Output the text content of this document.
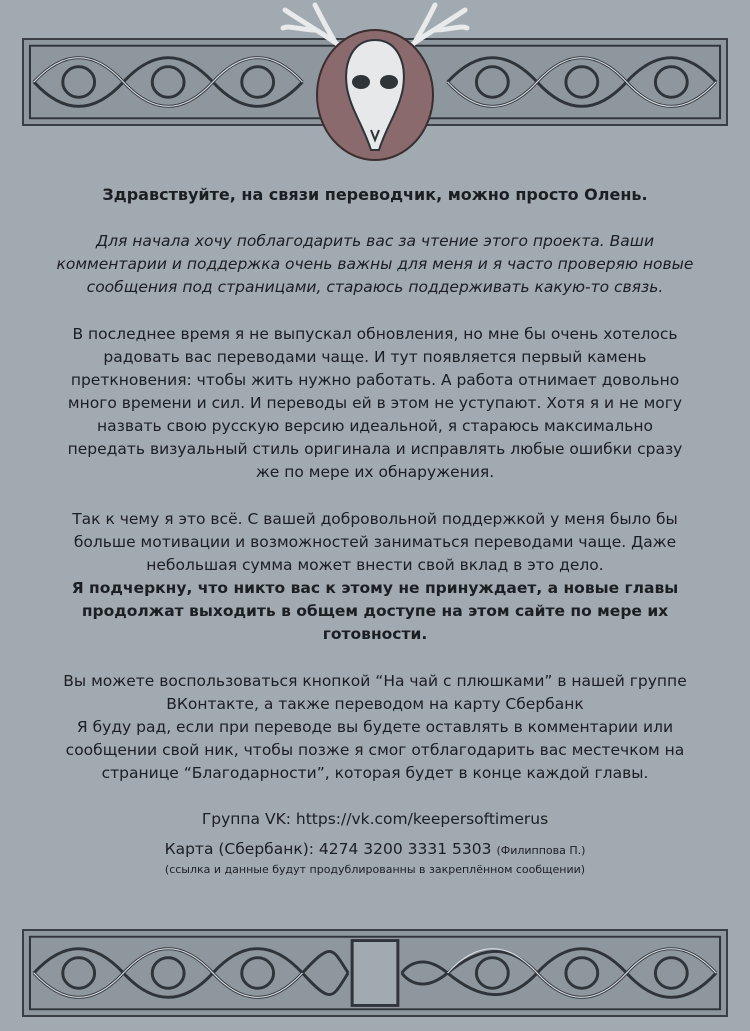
Здравствуйте, на связи переводчик, можно просто Олень.

Для начала хочу поблагодарить вас за чтение этого проекта. Ваши
комментарии и поддержка очень важны для меня и я часто проверяю новые
сообщения под страницами, стараюсь поддерживать какую-то связь.

В последнее время я не выпускал обновления, но мне бы очень хотелось
радовать вас переводами чаще. И тут появляется первый камень
преткновения: чтобы жить нужно работать. А работа отнимает довольно
много времени и сил. И переводы ей в этом не уступают. Хотя я и не могу
назвать свою русскую версию идеальной, я стараюсь максимально
передать визуальный стиль оригинала и исправлять любые ошибки сразу
же по мере их обнаружения.

Так к чему я это всё. С вашей добровольной поддержкой у меня было бы
больше мотивации и возможностей заниматься переводами чаще. Даже
небольшая сумма может внести свой вклад в это дело.

Я подчеркну, что никто вас к этому не принуждает, а новые главы
продолжат выходить в общем доступе на этом сайте по мере их
готовности.

Вы можете воспользоваться кнопкой “На чай с плюшками” в нашей группе
ВКонтакте, а также переводом на карту Сбербанк
Я буду рад, если при переводе вы будете оставлять в комментарии или
сообщении свой ник, чтобы позже я смог отблагодарить вас местечком на
странице “Благодарности”, которая будет в конце каждой главы.

Группа VK: https://vk.com/keepersoftimerus

Карта (Сбербанк): 4274 3200 3331 5303 (Филиппова П.)

(ссылка и данные будут продублированны в закреплённом сообщении)
